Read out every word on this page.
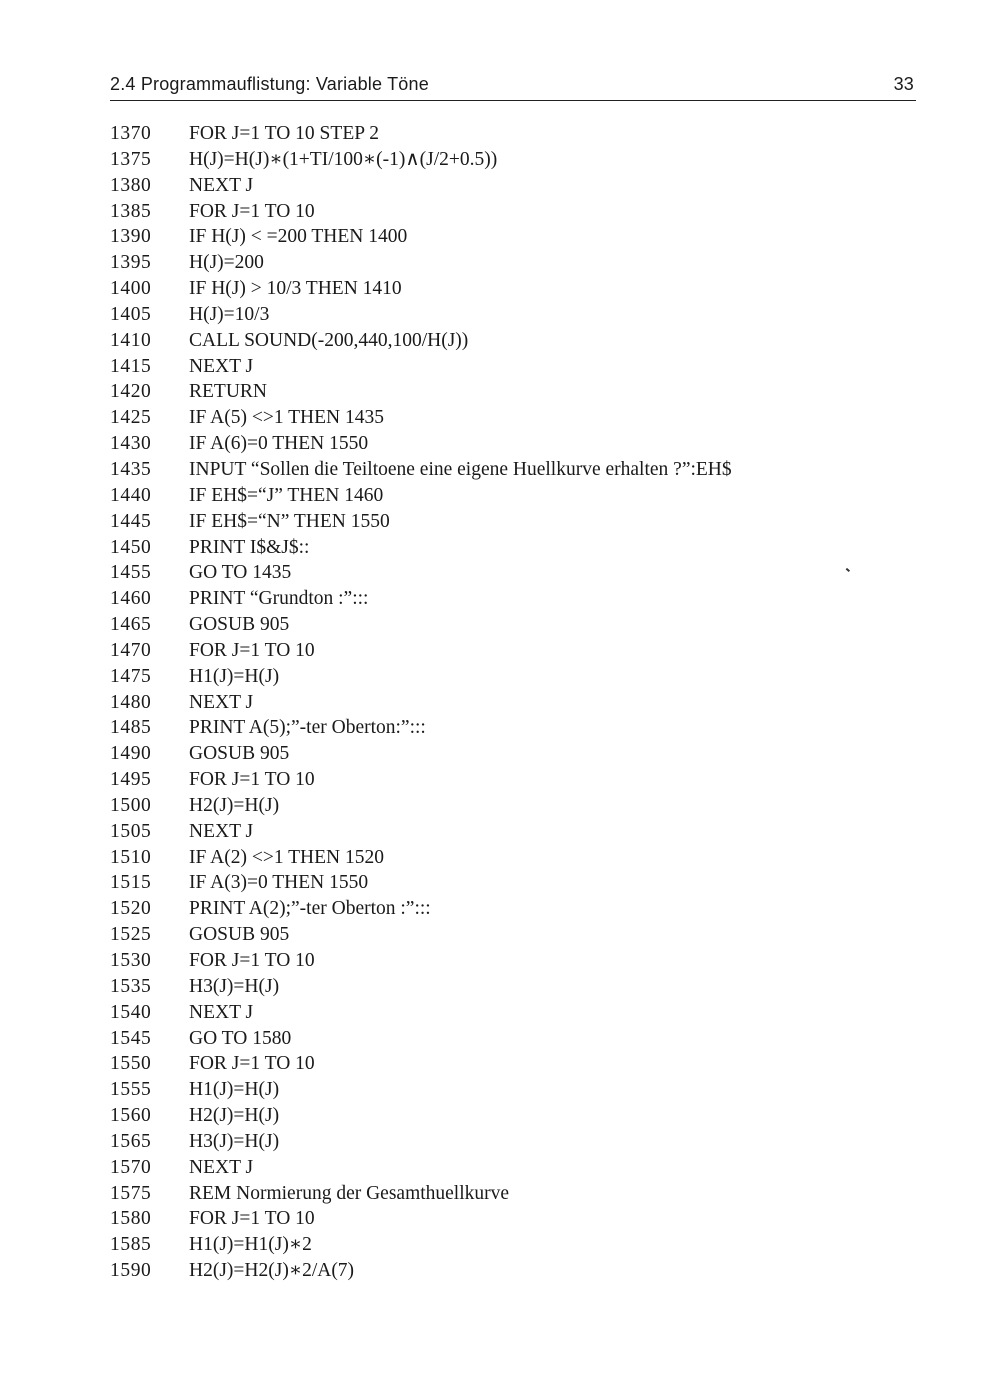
2.4 Programmauflistung: Variable Töne	33
1370 FOR J=1 TO 10 STEP 2
1375 H(J)=H(J)∗(1+TI/100∗(-1)∧(J/2+0.5))
1380 NEXT J
1385 FOR J=1 TO 10
1390 IF H(J) < =200 THEN 1400
1395 H(J)=200
1400 IF H(J) > 10/3 THEN 1410
1405 H(J)=10/3
1410 CALL SOUND(-200,440,100/H(J))
1415 NEXT J
1420 RETURN
1425 IF A(5) <>1 THEN 1435
1430 IF A(6)=0 THEN 1550
1435 INPUT “Sollen die Teiltoene eine eigene Huellkurve erhalten ?”:EH$
1440 IF EH$=“J” THEN 1460
1445 IF EH$=“N” THEN 1550
1450 PRINT I$&J$::
1455 GO TO 1435
1460 PRINT “Grundton :”:::
1465 GOSUB 905
1470 FOR J=1 TO 10
1475 H1(J)=H(J)
1480 NEXT J
1485 PRINT A(5);”-ter Oberton:”:::
1490 GOSUB 905
1495 FOR J=1 TO 10
1500 H2(J)=H(J)
1505 NEXT J
1510 IF A(2) <>1 THEN 1520
1515 IF A(3)=0 THEN 1550
1520 PRINT A(2);”-ter Oberton :”:::
1525 GOSUB 905
1530 FOR J=1 TO 10
1535 H3(J)=H(J)
1540 NEXT J
1545 GO TO 1580
1550 FOR J=1 TO 10
1555 H1(J)=H(J)
1560 H2(J)=H(J)
1565 H3(J)=H(J)
1570 NEXT J
1575 REM Normierung der Gesamthuellkurve
1580 FOR J=1 TO 10
1585 H1(J)=H1(J)∗2
1590 H2(J)=H2(J)∗2/A(7)
